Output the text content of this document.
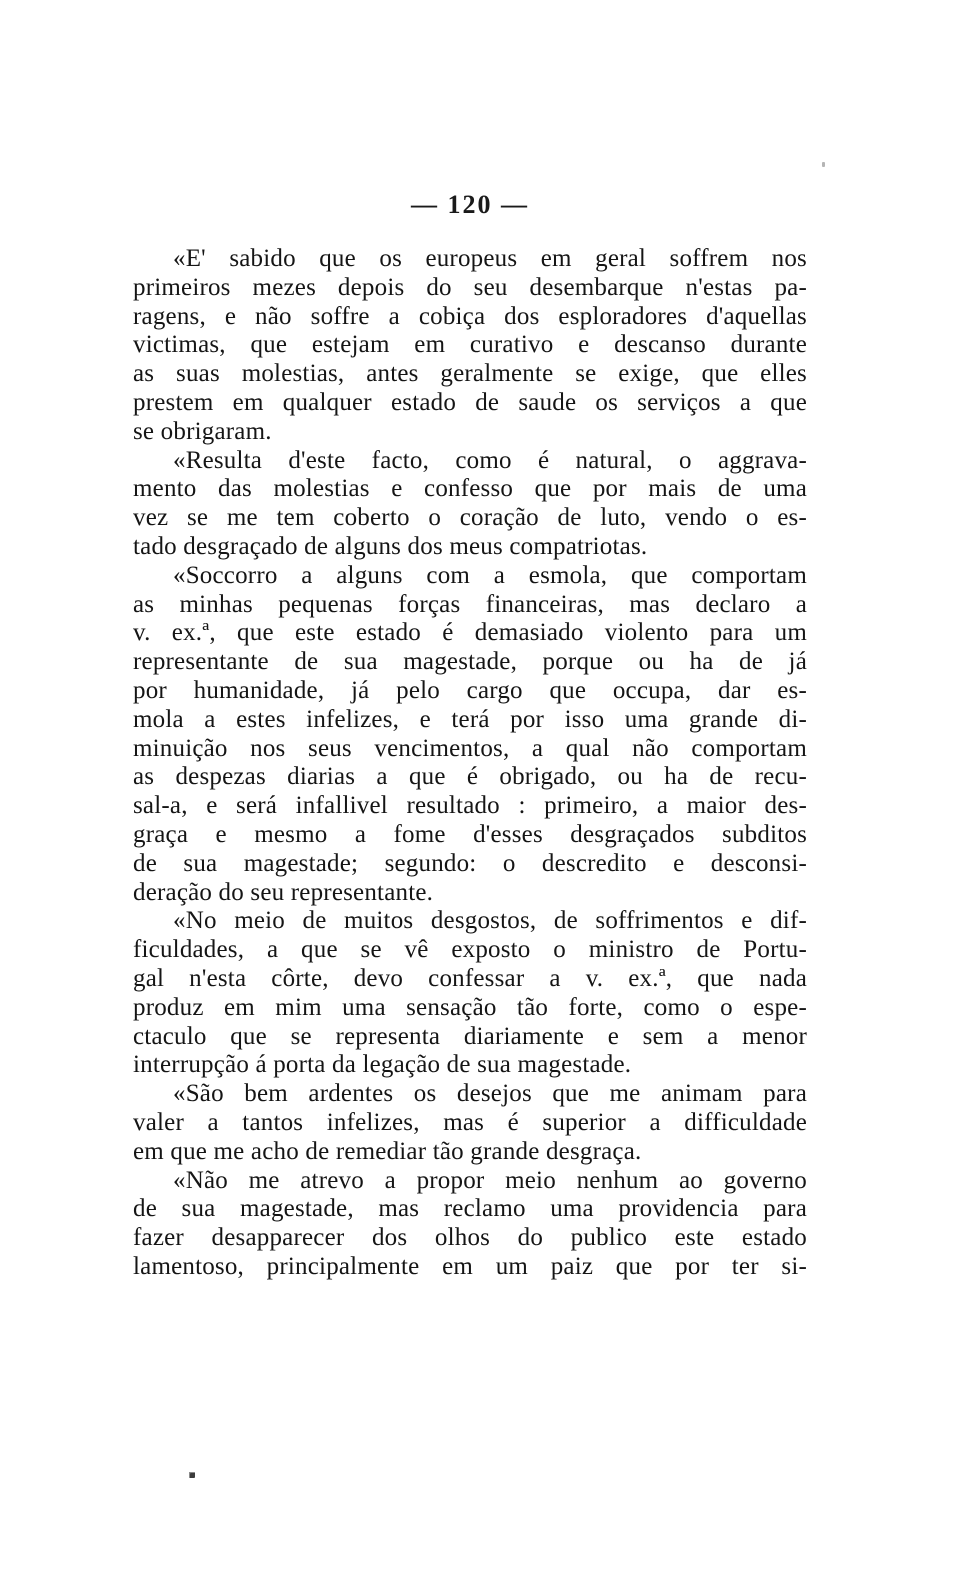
— 120 —
«E' sabido que os europeus em geral soffrem nos
primeiros mezes depois do seu desembarque n'estas pa-
ragens, e não soffre a cobiça dos esploradores d'aquellas
victimas, que estejam em curativo e descanso durante
as suas molestias, antes geralmente se exige, que elles
prestem em qualquer estado de saude os serviços a que
se obrigaram.
«Resulta d'este facto, como é natural, o aggrava-
mento das molestias e confesso que por mais de uma
vez se me tem coberto o coração de luto, vendo o es-
tado desgraçado de alguns dos meus compatriotas.
«Soccorro a alguns com a esmola, que comportam
as minhas pequenas forças financeiras, mas declaro a
v. ex.ª, que este estado é demasiado violento para um
representante de sua magestade, porque ou ha de já
por humanidade, já pelo cargo que occupa, dar es-
mola a estes infelizes, e terá por isso uma grande di-
minuição nos seus vencimentos, a qual não comportam
as despezas diarias a que é obrigado, ou ha de recu-
sal-a, e será infallivel resultado : primeiro, a maior des-
graça e mesmo a fome d'esses desgraçados subditos
de sua magestade; segundo: o descredito e desconsi-
deração do seu representante.
«No meio de muitos desgostos, de soffrimentos e dif-
ficuldades, a que se vê exposto o ministro de Portu-
gal n'esta côrte, devo confessar a v. ex.ª, que nada
produz em mim uma sensação tão forte, como o espe-
ctaculo que se representa diariamente e sem a menor
interrupção á porta da legação de sua magestade.
«São bem ardentes os desejos que me animam para
valer a tantos infelizes, mas é superior a difficuldade
em que me acho de remediar tão grande desgraça.
«Não me atrevo a propor meio nenhum ao governo
de sua magestade, mas reclamo uma providencia para
fazer desapparecer dos olhos do publico este estado
lamentoso, principalmente em um paiz que por ter si-
